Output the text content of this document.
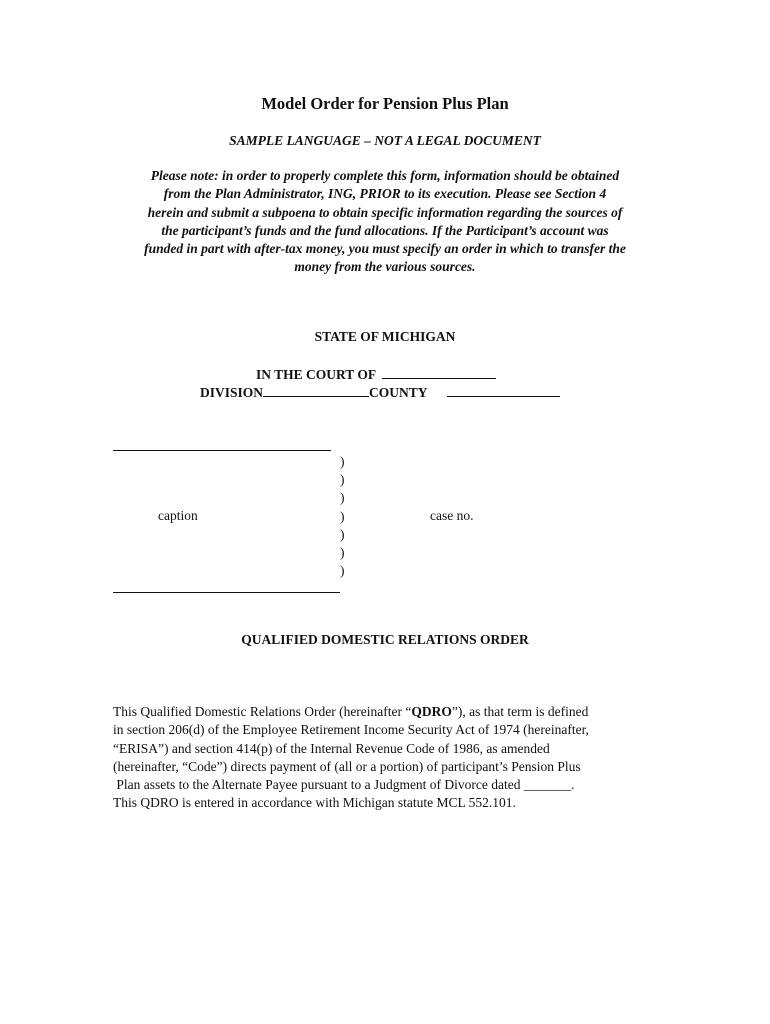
Model Order for Pension Plus Plan
SAMPLE LANGUAGE – NOT A LEGAL DOCUMENT
Please note: in order to properly complete this form, information should be obtained
from the Plan Administrator, ING, PRIOR to its execution. Please see Section 4
herein and submit a subpoena to obtain specific information regarding the sources of
the participant’s funds and the fund allocations. If the Participant’s account was
funded in part with after-tax money, you must specify an order in which to transfer the
money from the various sources.
STATE OF MICHIGAN
IN THE COURT OF
DIVISION	COUNTY
)
)
)
)
)
)
)
caption	case no.
QUALIFIED DOMESTIC RELATIONS ORDER
This Qualified Domestic Relations Order (hereinafter “QDRO”), as that term is defined
in section 206(d) of the Employee Retirement Income Security Act of 1974 (hereinafter,
“ERISA”) and section 414(p) of the Internal Revenue Code of 1986, as amended
(hereinafter, “Code”) directs payment of (all or a portion) of participant’s Pension Plus
Plan assets to the Alternate Payee pursuant to a Judgment of Divorce dated _______.
This QDRO is entered in accordance with Michigan statute MCL 552.101.
